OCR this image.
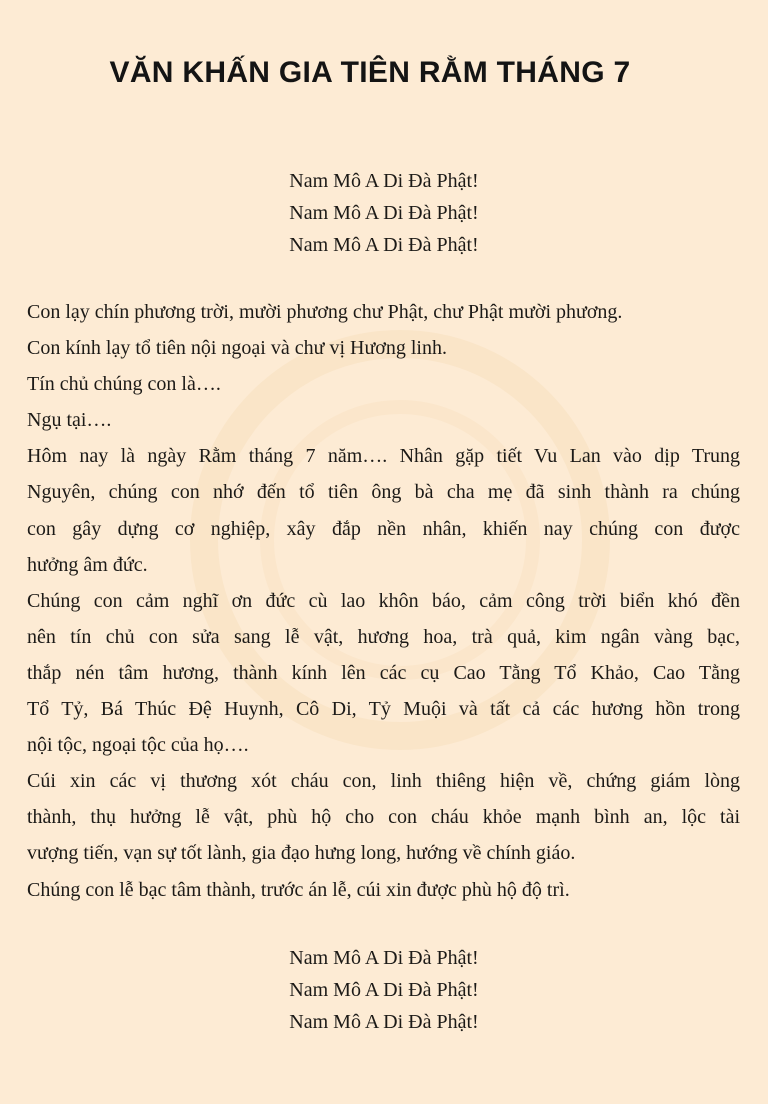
VĂN KHẤN GIA TIÊN RẰM THÁNG 7
Nam Mô A Di Đà Phật!
Nam Mô A Di Đà Phật!
Nam Mô A Di Đà Phật!
Con lạy chín phương trời, mười phương chư Phật, chư Phật mười phương.
Con kính lạy tổ tiên nội ngoại và chư vị Hương linh.
Tín chủ chúng con là….
Ngụ tại….
Hôm nay là ngày Rằm tháng 7 năm…. Nhân gặp tiết Vu Lan vào dịp Trung
Nguyên, chúng con nhớ đến tổ tiên ông bà cha mẹ đã sinh thành ra chúng
con gây dựng cơ nghiệp, xây đắp nền nhân, khiến nay chúng con được
hưởng âm đức.
Chúng con cảm nghĩ ơn đức cù lao khôn báo, cảm công trời biển khó đền
nên tín chủ con sửa sang lễ vật, hương hoa, trà quả, kim ngân vàng bạc,
thắp nén tâm hương, thành kính lên các cụ Cao Tằng Tổ Khảo, Cao Tằng
Tổ Tỷ, Bá Thúc Đệ Huynh, Cô Di, Tỷ Muội và tất cả các hương hồn trong
nội tộc, ngoại tộc của họ….
Cúi xin các vị thương xót cháu con, linh thiêng hiện về, chứng giám lòng
thành, thụ hưởng lễ vật, phù hộ cho con cháu khỏe mạnh bình an, lộc tài
vượng tiến, vạn sự tốt lành, gia đạo hưng long, hướng về chính giáo.
Chúng con lễ bạc tâm thành, trước án lễ, cúi xin được phù hộ độ trì.
Nam Mô A Di Đà Phật!
Nam Mô A Di Đà Phật!
Nam Mô A Di Đà Phật!
